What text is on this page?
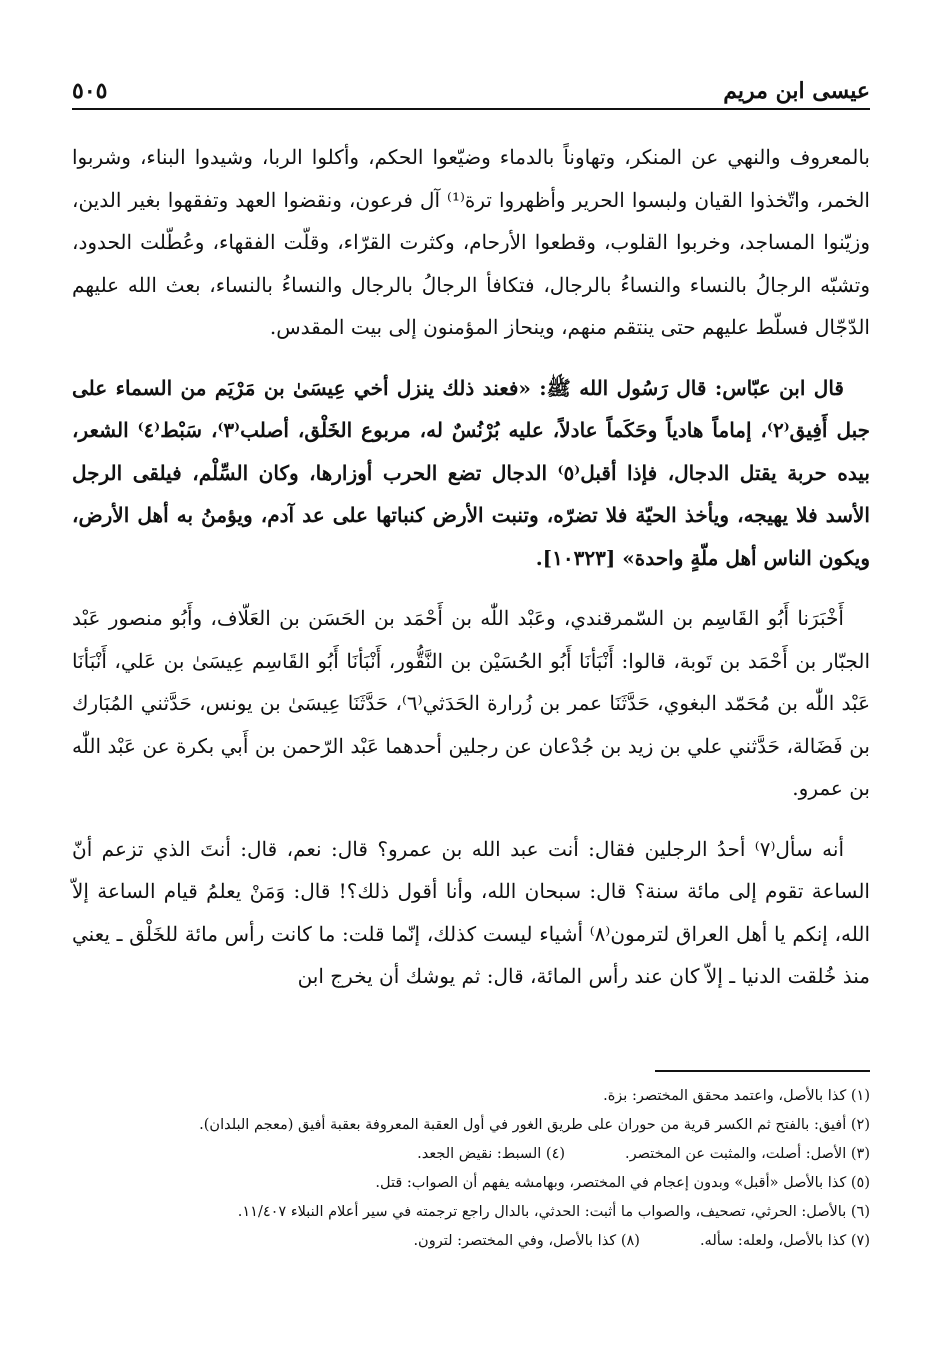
عيسى ابن مريم
٥٠٥

بالمعروف والنهي عن المنكر، وتهاوناً بالدماء وضيّعوا الحكم، وأكلوا الربا، وشيدوا البناء، وشربوا الخمر، واتّخذوا القيان ولبسوا الحرير وأظهروا ترة⁽¹⁾ آل فرعون، ونقضوا العهد وتفقهوا بغير الدين، وزيّنوا المساجد، وخربوا القلوب، وقطعوا الأرحام، وكثرت القرّاء، وقلّت الفقهاء، وعُطّلت الحدود، وتشبّه الرجالُ بالنساء والنساءُ بالرجال، فتكافأ الرجالُ بالرجال والنساءُ بالنساء، بعث الله عليهم الدّجّال فسلّط عليهم حتى ينتقم منهم، وينحاز المؤمنون إلى بيت المقدس.

قال ابن عبّاس: قال رَسُول الله ﷺ: «فعند ذلك ينزل أخي عِيسَىٰ بن مَرْيَم من السماء على جبل أَفِيق⁽٢⁾، إماماً هادياً وحَكَماً عادلاً، عليه بُرْنُسٌ له، مربوع الخَلْق، أصلب⁽٣⁾، سَبْط⁽٤⁾ الشعر، بيده حربة يقتل الدجال، فإذا أقبل⁽٥⁾ الدجال تضع الحرب أوزارها، وكان السِّلْم، فيلقى الرجل الأسد فلا يهيجه، ويأخذ الحيّة فلا تضرّه، وتنبت الأرض كنباتها على عد آدم، ويؤمنُ به أهل الأرض، ويكون الناس أهل ملّةٍ واحدة» [١٠٣٢٣].

أَخْبَرَنا أَبُو القَاسِم بن السّمرقندي، وعَبْد اللّٰه بن أَحْمَد بن الحَسَن بن العَلّاف، وأَبُو منصور عَبْد الجبّار بن أَحْمَد بن تَوبة، قالوا: أَنْبَأنَا أَبُو الحُسَيْن بن النَّقُّور، أَنْبَأنَا أَبُو القَاسِم عِيسَىٰ بن عَلي، أَنْبَأنَا عَبْد اللّٰه بن مُحَمّد البغوي، حَدَّثَنَا عمر بن زُرارة الحَدَثي⁽٦⁾، حَدَّثَنَا عِيسَىٰ بن يونس، حَدَّثني المُبَارك بن فَضَالة، حَدَّثني علي بن زيد بن جُدْعان عن رجلين أحدهما عَبْد الرّحمن بن أَبي بكرة عن عَبْد اللّٰه بن عمرو.

أنه سأل⁽٧⁾ أحدُ الرجلين فقال: أنت عبد الله بن عمرو؟ قال: نعم، قال: أنتَ الذي تزعم أنّ الساعة تقوم إلى مائة سنة؟ قال: سبحان الله، وأنا أقول ذلك؟! قال: وَمَنْ يعلمُ قيام الساعة إلاّ الله، إنكم يا أهل العراق لترمون⁽٨⁾ أشياء ليست كذلك، إنّما قلت: ما كانت رأس مائة للخَلْق ـ يعني منذ خُلقت الدنيا ـ إلاّ كان عند رأس المائة، قال: ثم يوشك أن يخرج ابن

(١) كذا بالأصل، واعتمد محقق المختصر: بزة.
(٢) أفيق: بالفتح ثم الكسر قرية من حوران على طريق الغور في أول العقبة المعروفة بعقبة أفيق (معجم البلدان).
(٣) الأصل: أصلت، والمثبت عن المختصر.
(٤) السبط: نقيض الجعد.
(٥) كذا بالأصل «أقبل» وبدون إعجام في المختصر، وبهامشه يفهم أن الصواب: قتل.
(٦) بالأصل: الحرثي، تصحيف، والصواب ما أثبت: الحدثي، بالدال راجع ترجمته في سير أعلام النبلاء ١١/٤٠٧.
(٧) كذا بالأصل، ولعله: سأله.
(٨) كذا بالأصل، وفي المختصر: لترون.
